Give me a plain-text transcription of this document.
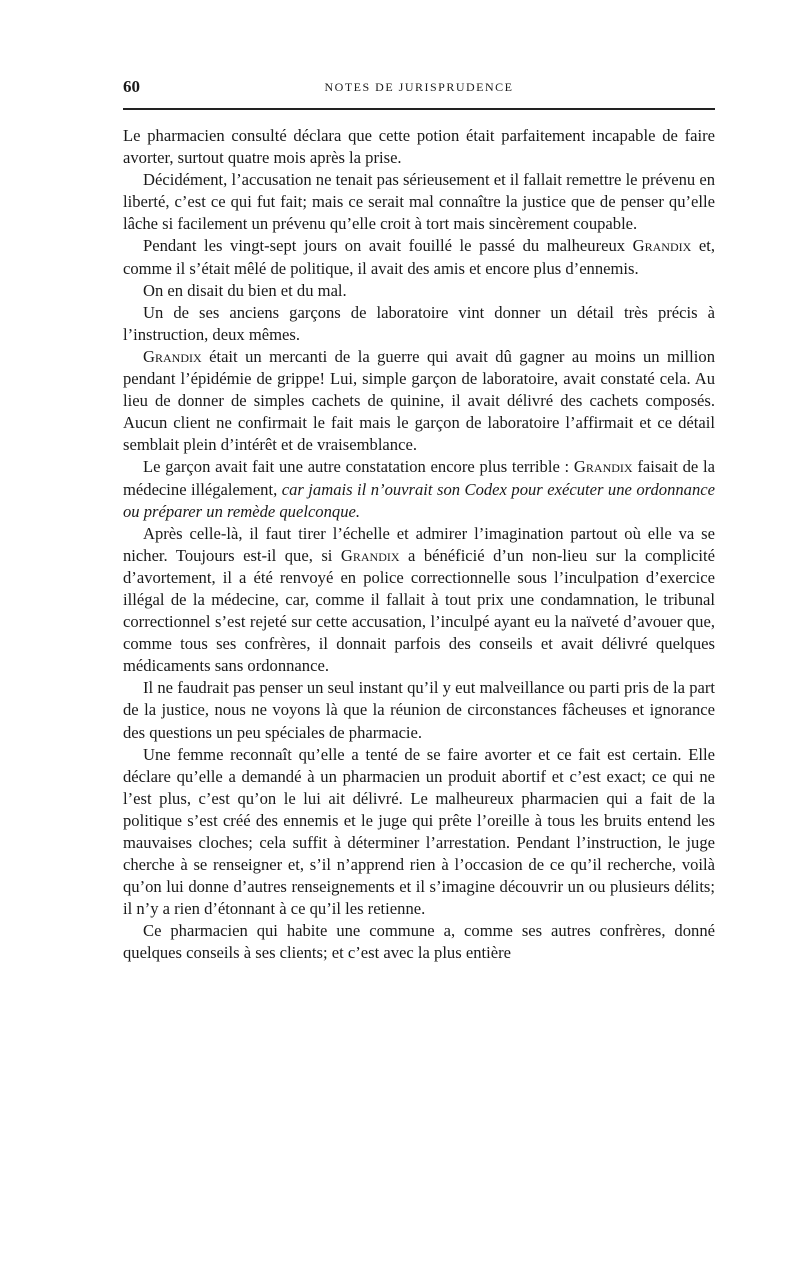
60	NOTES DE JURISPRUDENCE

Le pharmacien consulté déclara que cette potion était parfaitement incapable de faire avorter, surtout quatre mois après la prise.

Décidément, l’accusation ne tenait pas sérieusement et il fallait remettre le prévenu en liberté, c’est ce qui fut fait; mais ce serait mal connaître la justice que de penser qu’elle lâche si facilement un prévenu qu’elle croit à tort mais sincèrement coupable.

Pendant les vingt-sept jours on avait fouillé le passé du malheureux Grandix et, comme il s’était mêlé de politique, il avait des amis et encore plus d’ennemis.

On en disait du bien et du mal.

Un de ses anciens garçons de laboratoire vint donner un détail très précis à l’instruction, deux mêmes.

Grandix était un mercanti de la guerre qui avait dû gagner au moins un million pendant l’épidémie de grippe! Lui, simple garçon de laboratoire, avait constaté cela. Au lieu de donner de simples cachets de quinine, il avait délivré des cachets composés. Aucun client ne confirmait le fait mais le garçon de laboratoire l’affirmait et ce détail semblait plein d’intérêt et de vraisemblance.

Le garçon avait fait une autre constatation encore plus terrible : Grandix faisait de la médecine illégalement, car jamais il n’ouvrait son Codex pour exécuter une ordonnance ou préparer un remède quelconque.

Après celle-là, il faut tirer l’échelle et admirer l’imagination partout où elle va se nicher. Toujours est-il que, si Grandix a bénéficié d’un non-lieu sur la complicité d’avortement, il a été renvoyé en police correctionnelle sous l’inculpation d’exercice illégal de la médecine, car, comme il fallait à tout prix une condamnation, le tribunal correctionnel s’est rejeté sur cette accusation, l’inculpé ayant eu la naïveté d’avouer que, comme tous ses confrères, il donnait parfois des conseils et avait délivré quelques médicaments sans ordonnance.

Il ne faudrait pas penser un seul instant qu’il y eut malveillance ou parti pris de la part de la justice, nous ne voyons là que la réunion de circonstances fâcheuses et ignorance des questions un peu spéciales de pharmacie.

Une femme reconnaît qu’elle a tenté de se faire avorter et ce fait est certain. Elle déclare qu’elle a demandé à un pharmacien un produit abortif et c’est exact; ce qui ne l’est plus, c’est qu’on le lui ait délivré. Le malheureux pharmacien qui a fait de la politique s’est créé des ennemis et le juge qui prête l’oreille à tous les bruits entend les mauvaises cloches; cela suffit à déterminer l’arrestation. Pendant l’instruction, le juge cherche à se renseigner et, s’il n’apprend rien à l’occasion de ce qu’il recherche, voilà qu’on lui donne d’autres renseignements et il s’imagine découvrir un ou plusieurs délits; il n’y a rien d’étonnant à ce qu’il les retienne.

Ce pharmacien qui habite une commune a, comme ses autres confrères, donné quelques conseils à ses clients; et c’est avec la plus entière
